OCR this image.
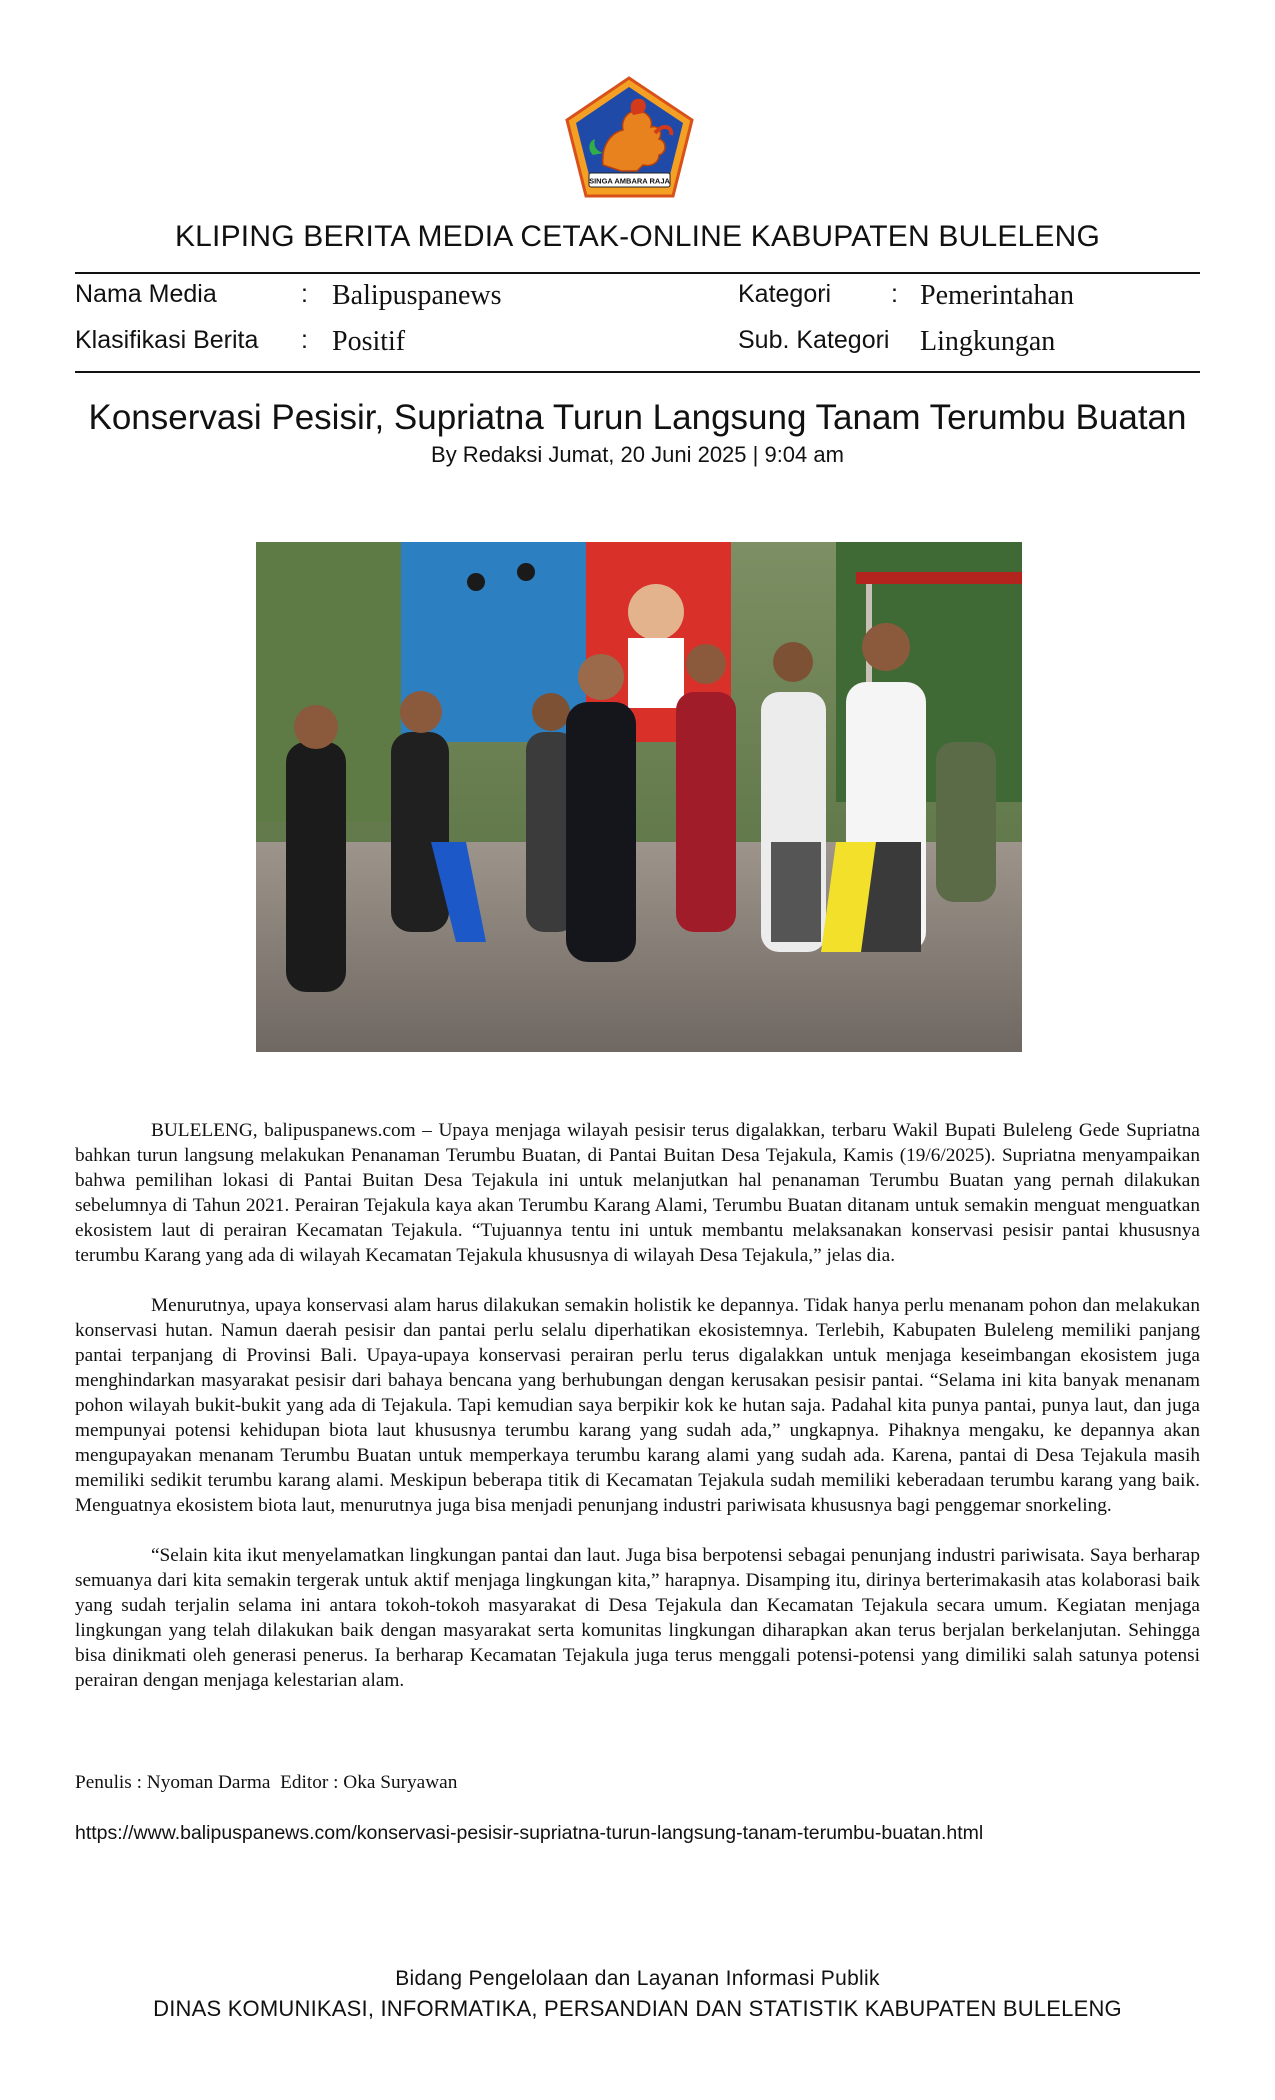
SINGA AMBARA RAJA
KLIPING BERITA MEDIA CETAK-ONLINE KABUPATEN BULELENG
Nama Media	: Balipuspanews	Kategori : Pemerintahan
Klasifikasi Berita : Positif	Sub. Kategori Lingkungan
Konservasi Pesisir, Supriatna Turun Langsung Tanam Terumbu Buatan
By Redaksi Jumat, 20 Juni 2025 | 9:04 am

BULELENG, balipuspanews.com – Upaya menjaga wilayah pesisir terus digalakkan, terbaru Wakil Bupati Buleleng Gede Supriatna bahkan turun langsung melakukan Penanaman Terumbu Buatan, di Pantai Buitan Desa Tejakula, Kamis (19/6/2025). Supriatna menyampaikan bahwa pemilihan lokasi di Pantai Buitan Desa Tejakula ini untuk melanjutkan hal penanaman Terumbu Buatan yang pernah dilakukan sebelumnya di Tahun 2021. Perairan Tejakula kaya akan Terumbu Karang Alami, Terumbu Buatan ditanam untuk semakin menguat menguatkan ekosistem laut di perairan Kecamatan Tejakula. “Tujuannya tentu ini untuk membantu melaksanakan konservasi pesisir pantai khususnya terumbu Karang yang ada di wilayah Kecamatan Tejakula khususnya di wilayah Desa Tejakula,” jelas dia.

Menurutnya, upaya konservasi alam harus dilakukan semakin holistik ke depannya. Tidak hanya perlu menanam pohon dan melakukan konservasi hutan. Namun daerah pesisir dan pantai perlu selalu diperhatikan ekosistemnya. Terlebih, Kabupaten Buleleng memiliki panjang pantai terpanjang di Provinsi Bali. Upaya-upaya konservasi perairan perlu terus digalakkan untuk menjaga keseimbangan ekosistem juga menghindarkan masyarakat pesisir dari bahaya bencana yang berhubungan dengan kerusakan pesisir pantai. “Selama ini kita banyak menanam pohon wilayah bukit-bukit yang ada di Tejakula. Tapi kemudian saya berpikir kok ke hutan saja. Padahal kita punya pantai, punya laut, dan juga mempunyai potensi kehidupan biota laut khususnya terumbu karang yang sudah ada,” ungkapnya. Pihaknya mengaku, ke depannya akan mengupayakan menanam Terumbu Buatan untuk memperkaya terumbu karang alami yang sudah ada. Karena, pantai di Desa Tejakula masih memiliki sedikit terumbu karang alami. Meskipun beberapa titik di Kecamatan Tejakula sudah memiliki keberadaan terumbu karang yang baik. Menguatnya ekosistem biota laut, menurutnya juga bisa menjadi penunjang industri pariwisata khususnya bagi penggemar snorkeling.

“Selain kita ikut menyelamatkan lingkungan pantai dan laut. Juga bisa berpotensi sebagai penunjang industri pariwisata. Saya berharap semuanya dari kita semakin tergerak untuk aktif menjaga lingkungan kita,” harapnya. Disamping itu, dirinya berterimakasih atas kolaborasi baik yang sudah terjalin selama ini antara tokoh-tokoh masyarakat di Desa Tejakula dan Kecamatan Tejakula secara umum. Kegiatan menjaga lingkungan yang telah dilakukan baik dengan masyarakat serta komunitas lingkungan diharapkan akan terus berjalan berkelanjutan. Sehingga bisa dinikmati oleh generasi penerus. Ia berharap Kecamatan Tejakula juga terus menggali potensi-potensi yang dimiliki salah satunya potensi perairan dengan menjaga kelestarian alam.

Penulis : Nyoman Darma  Editor : Oka Suryawan
https://www.balipuspanews.com/konservasi-pesisir-supriatna-turun-langsung-tanam-terumbu-buatan.html
Bidang Pengelolaan dan Layanan Informasi Publik
DINAS KOMUNIKASI, INFORMATIKA, PERSANDIAN DAN STATISTIK KABUPATEN BULELENG
